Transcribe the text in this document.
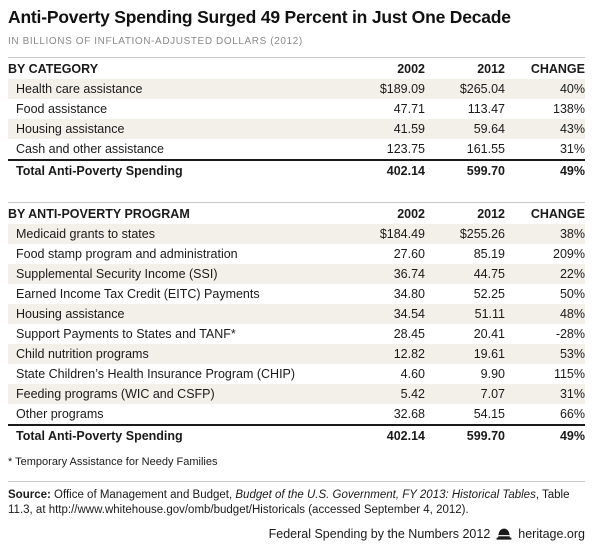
Anti-Poverty Spending Surged 49 Percent in Just One Decade
IN BILLIONS OF INFLATION-ADJUSTED DOLLARS (2012)
BY CATEGORY	2002	2012	CHANGE
Health care assistance	$189.09	$265.04	40%
Food assistance	47.71	113.47	138%
Housing assistance	41.59	59.64	43%
Cash and other assistance	123.75	161.55	31%
Total Anti-Poverty Spending	402.14	599.70	49%
BY ANTI-POVERTY PROGRAM	2002	2012	CHANGE
Medicaid grants to states	$184.49	$255.26	38%
Food stamp program and administration	27.60	85.19	209%
Supplemental Security Income (SSI)	36.74	44.75	22%
Earned Income Tax Credit (EITC) Payments	34.80	52.25	50%
Housing assistance	34.54	51.11	48%
Support Payments to States and TANF*	28.45	20.41	-28%
Child nutrition programs	12.82	19.61	53%
State Children’s Health Insurance Program (CHIP)	4.60	9.90	115%
Feeding programs (WIC and CSFP)	5.42	7.07	31%
Other programs	32.68	54.15	66%
Total Anti-Poverty Spending	402.14	599.70	49%
* Temporary Assistance for Needy Families
Source: Office of Management and Budget, Budget of the U.S. Government, FY 2013: Historical Tables, Table 11.3, at http://www.whitehouse.gov/omb/budget/Historicals (accessed September 4, 2012).
Federal Spending by the Numbers 2012 heritage.org
